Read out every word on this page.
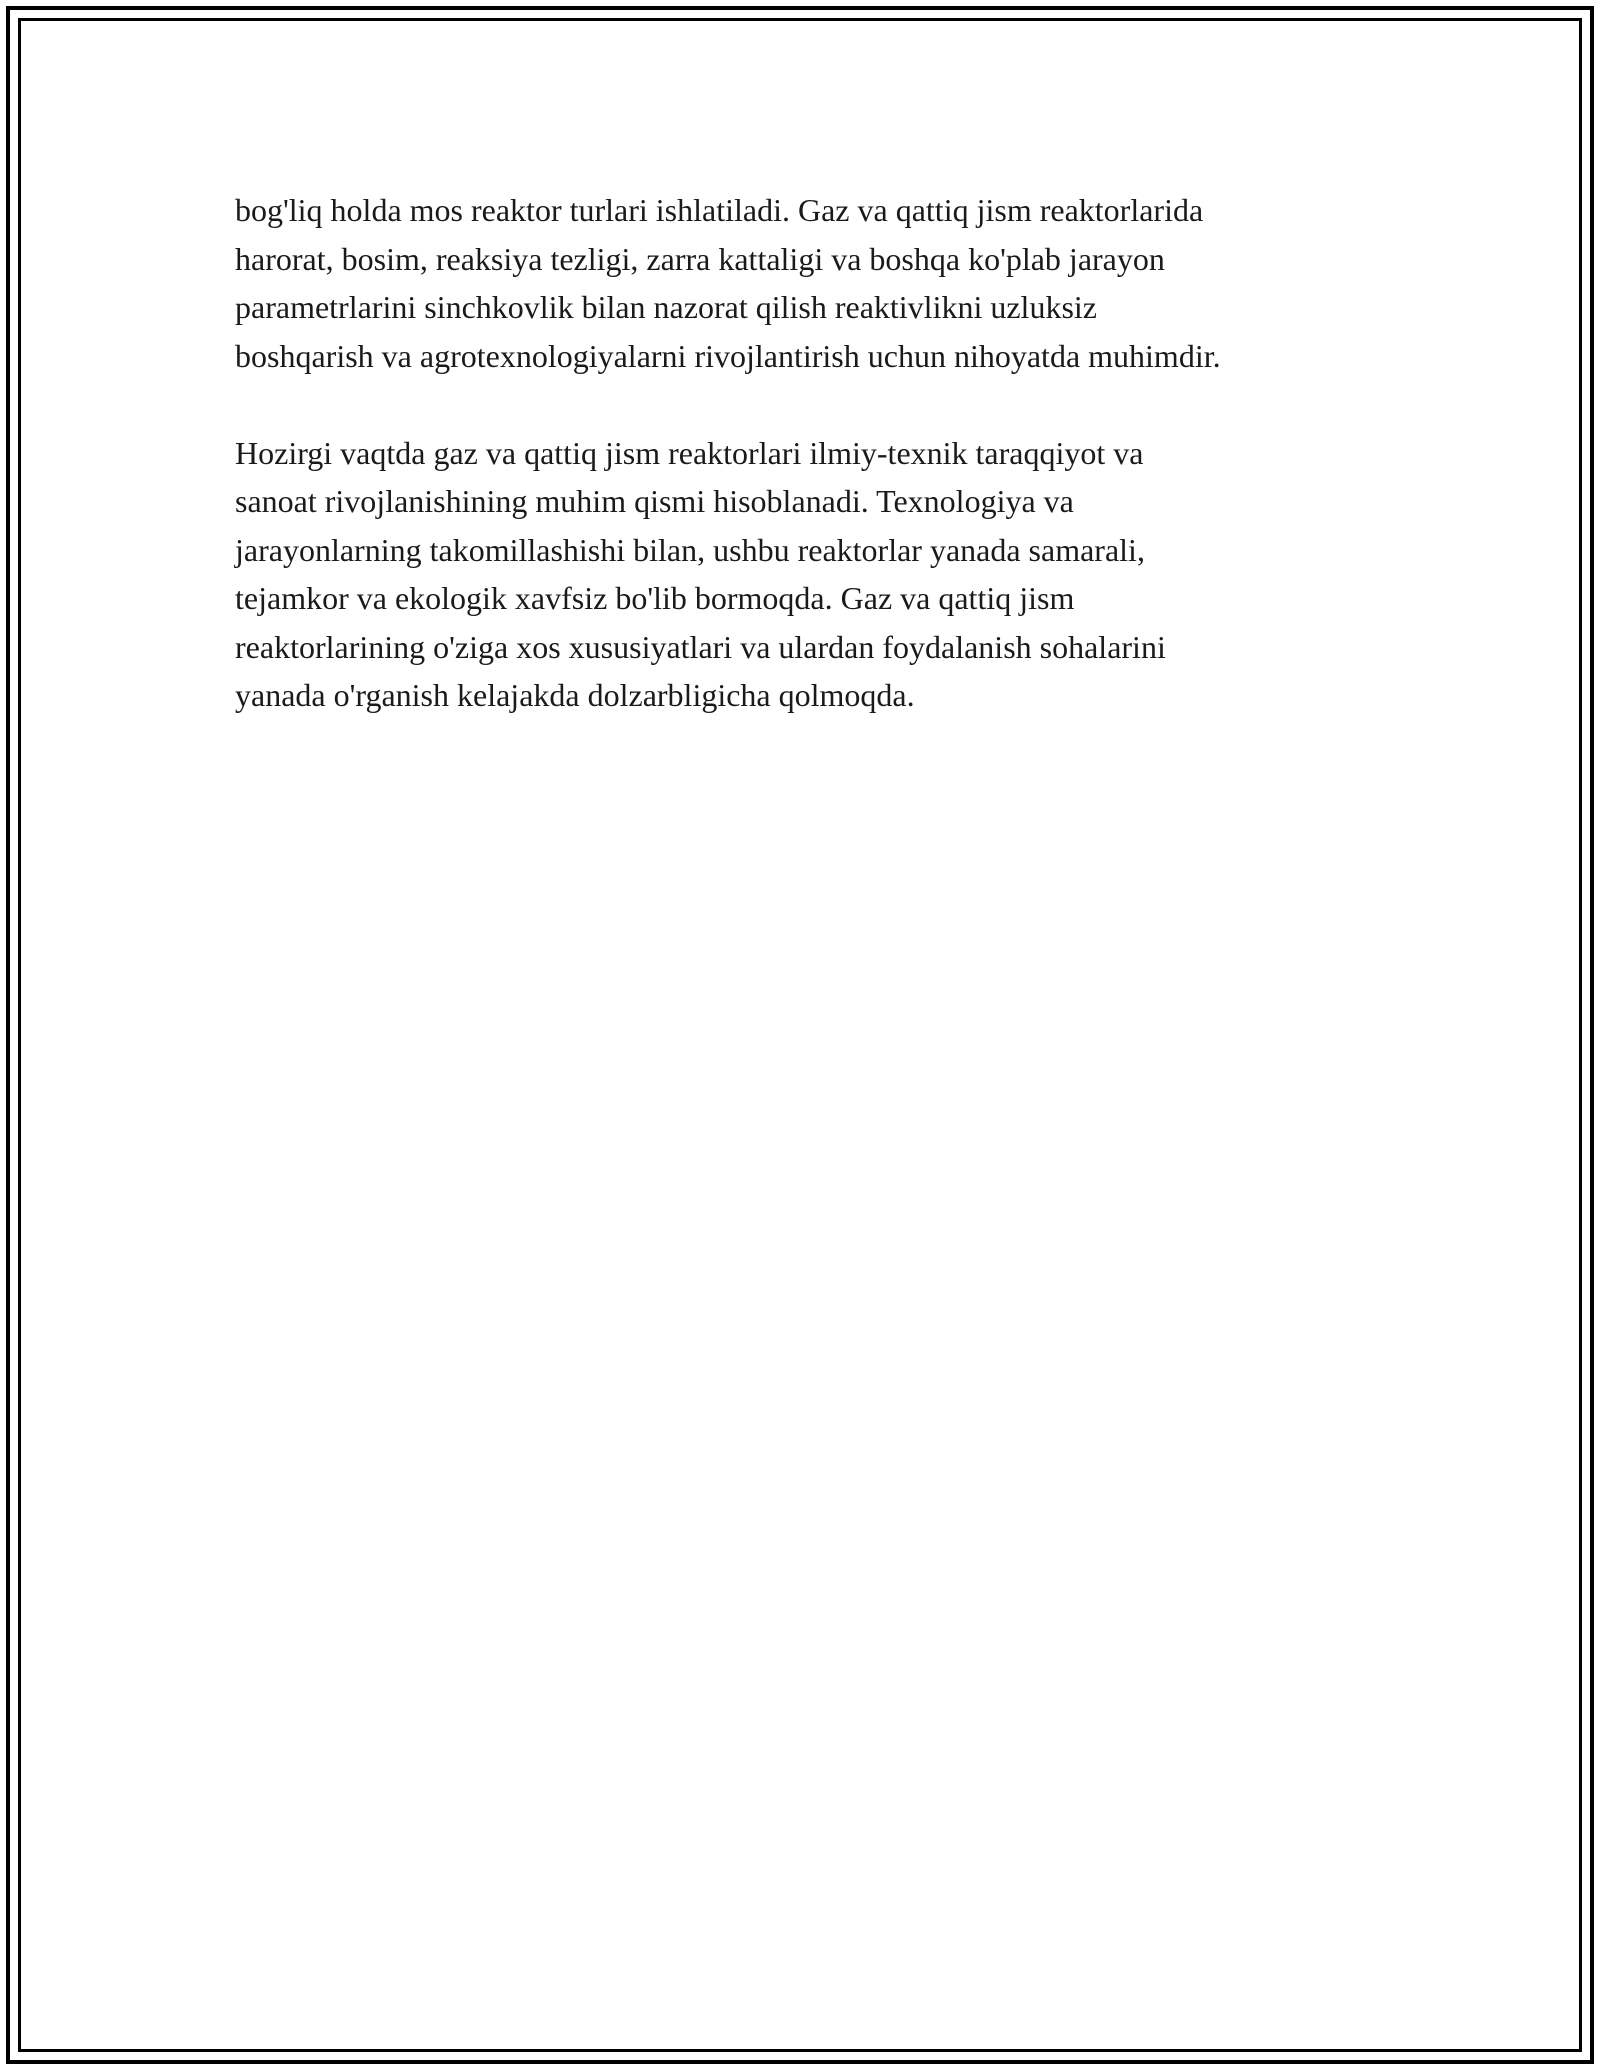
bog'liq holda mos reaktor turlari ishlatiladi. Gaz va qattiq jism reaktorlarida
harorat, bosim, reaksiya tezligi, zarra kattaligi va boshqa ko'plab jarayon
parametrlarini sinchkovlik bilan nazorat qilish reaktivlikni uzluksiz
boshqarish va agrotexnologiyalarni rivojlantirish uchun nihoyatda muhimdir.

Hozirgi vaqtda gaz va qattiq jism reaktorlari ilmiy-texnik taraqqiyot va
sanoat rivojlanishining muhim qismi hisoblanadi. Texnologiya va
jarayonlarning takomillashishi bilan, ushbu reaktorlar yanada samarali,
tejamkor va ekologik xavfsiz bo'lib bormoqda. Gaz va qattiq jism
reaktorlarining o'ziga xos xususiyatlari va ulardan foydalanish sohalarini
yanada o'rganish kelajakda dolzarbligicha qolmoqda.
